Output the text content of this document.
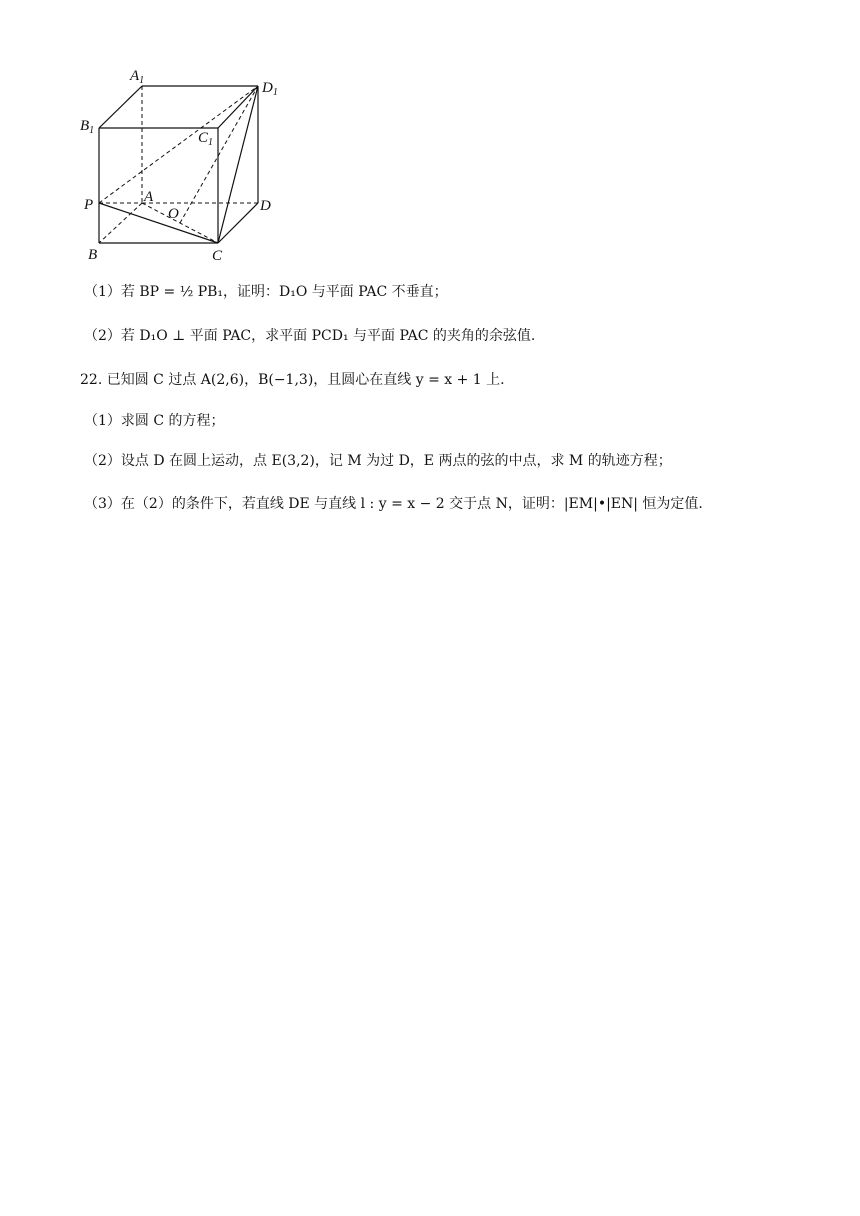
$A_1$	$D_1$
$B_1$	$C_1$
P	A
O	D
B	C
（1）若 BP = ½ PB₁，证明：D₁O 与平面 PAC 不垂直；
（2）若 D₁O ⊥ 平面 PAC，求平面 PCD₁ 与平面 PAC 的夹角的余弦值.
22. 已知圆 C 过点 A(2,6)，B(−1,3)，且圆心在直线 y = x + 1 上.
（1）求圆 C 的方程；
（2）设点 D 在圆上运动，点 E(3,2)，记 M 为过 D，E 两点的弦的中点，求 M 的轨迹方程；
（3）在（2）的条件下，若直线 DE 与直线 l : y = x − 2 交于点 N，证明：|EM|•|EN| 恒为定值.
